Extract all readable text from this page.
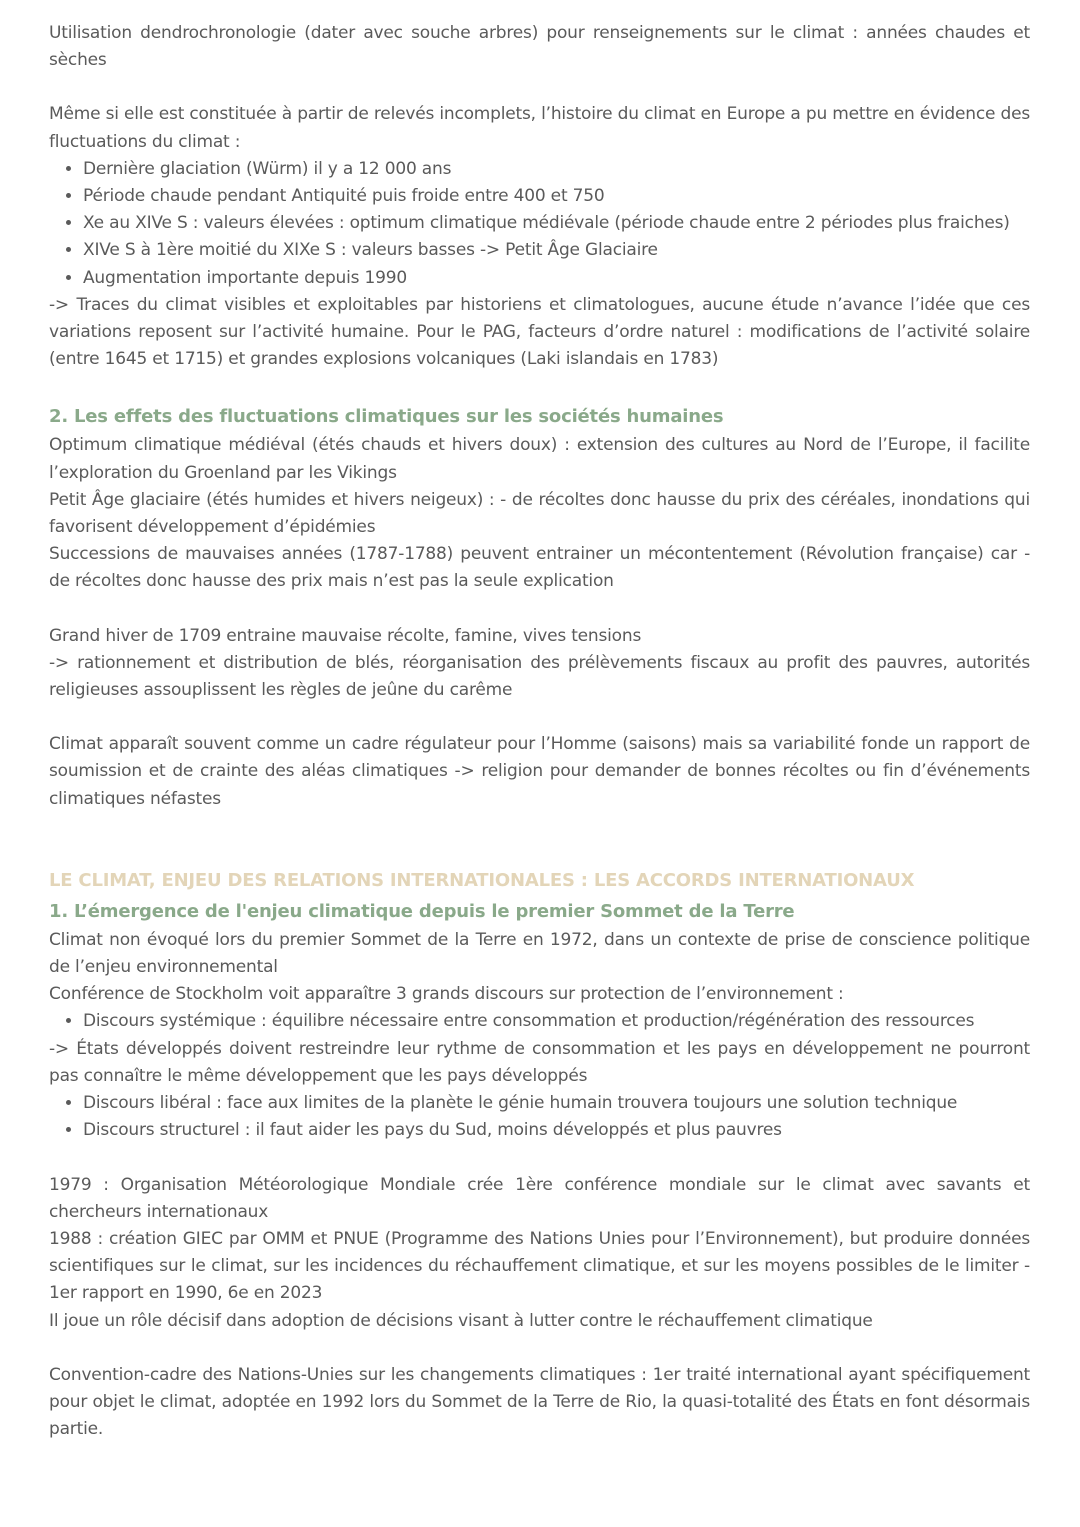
Utilisation dendrochronologie (dater avec souche arbres) pour renseignements sur le climat : années chaudes et sèches

Même si elle est constituée à partir de relevés incomplets, l’histoire du climat en Europe a pu mettre en évidence des fluctuations du climat :

• Dernière glaciation (Würm) il y a 12 000 ans
• Période chaude pendant Antiquité puis froide entre 400 et 750
• Xe au XIVe S : valeurs élevées : optimum climatique médiévale (période chaude entre 2 périodes plus fraiches)
• XIVe S à 1ère moitié du XIXe S : valeurs basses -> Petit Âge Glaciaire
• Augmentation importante depuis 1990

-> Traces du climat visibles et exploitables par historiens et climatologues, aucune étude n’avance l’idée que ces variations reposent sur l’activité humaine. Pour le PAG, facteurs d’ordre naturel : modifications de l’activité solaire (entre 1645 et 1715) et grandes explosions volcaniques (Laki islandais en 1783)

2. Les effets des fluctuations climatiques sur les sociétés humaines

Optimum climatique médiéval (étés chauds et hivers doux) : extension des cultures au Nord de l’Europe, il facilite l’exploration du Groenland par les Vikings

Petit Âge glaciaire (étés humides et hivers neigeux) : - de récoltes donc hausse du prix des céréales, inondations qui favorisent développement d’épidémies

Successions de mauvaises années (1787-1788) peuvent entrainer un mécontentement (Révolution française) car - de récoltes donc hausse des prix mais n’est pas la seule explication

Grand hiver de 1709 entraine mauvaise récolte, famine, vives tensions

-> rationnement et distribution de blés, réorganisation des prélèvements fiscaux au profit des pauvres, autorités religieuses assouplissent les règles de jeûne du carême

Climat apparaît souvent comme un cadre régulateur pour l’Homme (saisons) mais sa variabilité fonde un rapport de soumission et de crainte des aléas climatiques -> religion pour demander de bonnes récoltes ou fin d’événements climatiques néfastes

LE CLIMAT, ENJEU DES RELATIONS INTERNATIONALES : LES ACCORDS INTERNATIONAUX
1. L’émergence de l'enjeu climatique depuis le premier Sommet de la Terre

Climat non évoqué lors du premier Sommet de la Terre en 1972, dans un contexte de prise de conscience politique de l’enjeu environnemental

Conférence de Stockholm voit apparaître 3 grands discours sur protection de l’environnement :

• Discours systémique : équilibre nécessaire entre consommation et production/régénération des ressources

-> États développés doivent restreindre leur rythme de consommation et les pays en développement ne pourront pas connaître le même développement que les pays développés

• Discours libéral : face aux limites de la planète le génie humain trouvera toujours une solution technique
• Discours structurel : il faut aider les pays du Sud, moins développés et plus pauvres

1979 : Organisation Météorologique Mondiale crée 1ère conférence mondiale sur le climat avec savants et chercheurs internationaux

1988 : création GIEC par OMM et PNUE (Programme des Nations Unies pour l’Environnement), but produire données scientifiques sur le climat, sur les incidences du réchauffement climatique, et sur les moyens possibles de le limiter - 1er rapport en 1990, 6e en 2023

Il joue un rôle décisif dans adoption de décisions visant à lutter contre le réchauffement climatique

Convention-cadre des Nations-Unies sur les changements climatiques : 1er traité international ayant spécifiquement pour objet le climat, adoptée en 1992 lors du Sommet de la Terre de Rio, la quasi-totalité des États en font désormais partie.
